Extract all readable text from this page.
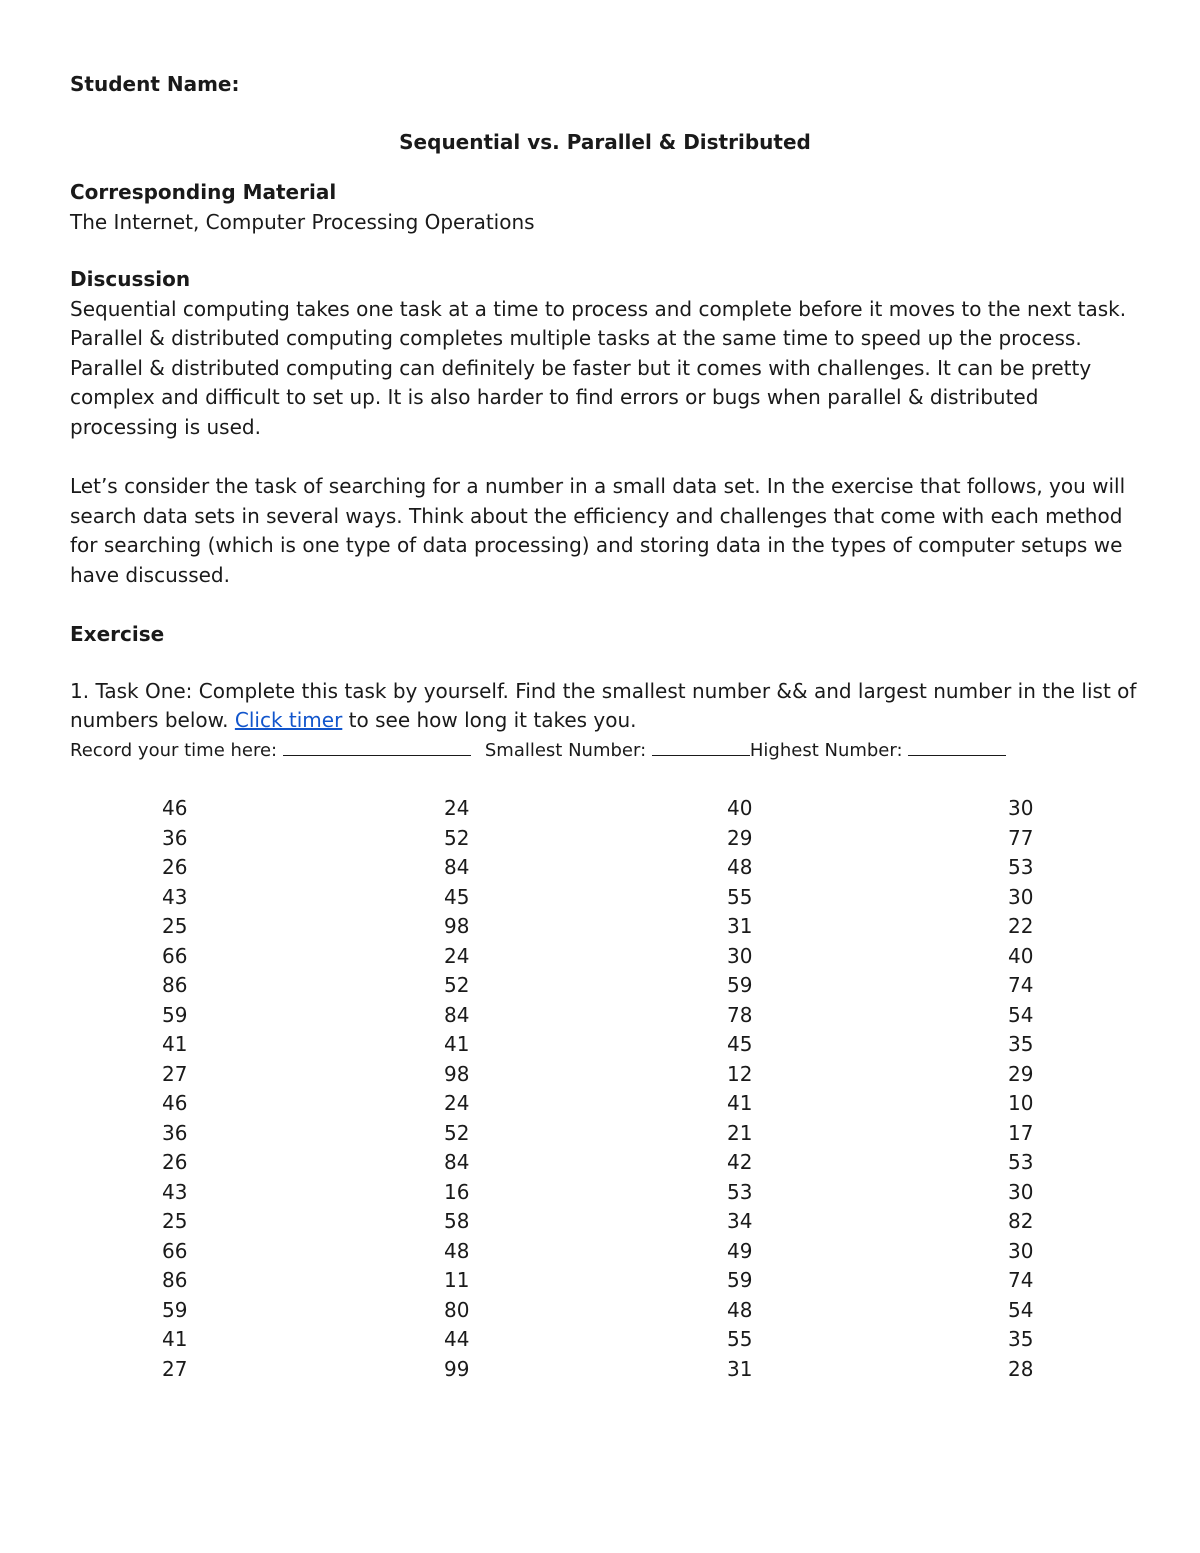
Student Name:

Sequential vs. Parallel & Distributed

Corresponding Material

The Internet, Computer Processing Operations

Discussion

Sequential computing takes one task at a time to process and complete before it moves to the next task. Parallel & distributed computing completes multiple tasks at the same time to speed up the process. Parallel & distributed computing can definitely be faster but it comes with challenges. It can be pretty complex and difficult to set up. It is also harder to find errors or bugs when parallel & distributed processing is used.

Let’s consider the task of searching for a number in a small data set. In the exercise that follows, you will search data sets in several ways. Think about the efficiency and challenges that come with each method for searching (which is one type of data processing) and storing data in the types of computer setups we have discussed.

Exercise

1. Task One: Complete this task by yourself. Find the smallest number && and largest number in the list of numbers below. Click timer to see how long it takes you.

Record your time here:	Smallest Number:	Highest Number:

46
36
26
43
25
66
86
59
41
27
46
36
26
43
25
66
86
59
41
27
24
52
84
45
98
24
52
84
41
98
24
52
84
16
58
48
11
80
44
99
40
29
48
55
31
30
59
78
45
12
41
21
42
53
34
49
59
48
55
31
30
77
53
30
22
40
74
54
35
29
10
17
53
30
82
30
74
54
35
28
